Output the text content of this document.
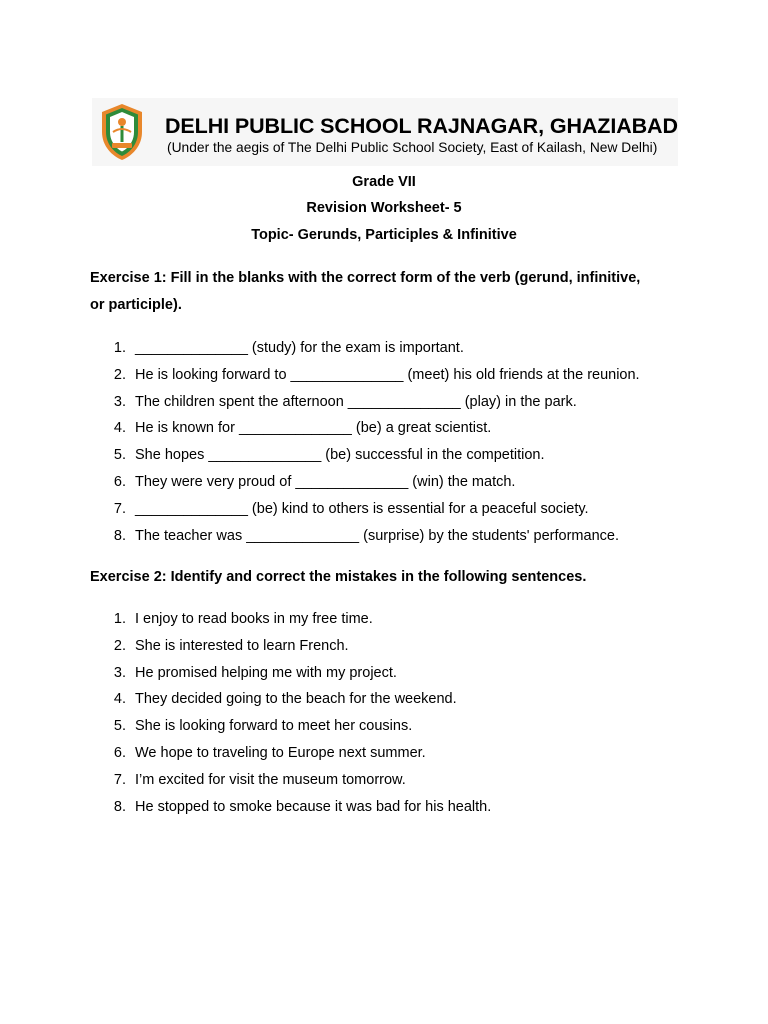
DELHI PUBLIC SCHOOL RAJNAGAR, GHAZIABAD
(Under the aegis of The Delhi Public School Society, East of Kailash, New Delhi)
Grade VII
Revision Worksheet- 5
Topic- Gerunds, Participles & Infinitive
Exercise 1: Fill in the blanks with the correct form of the verb (gerund, infinitive,
or participle).
1. ______________ (study) for the exam is important.
2. He is looking forward to ______________ (meet) his old friends at the reunion.
3. The children spent the afternoon ______________ (play) in the park.
4. He is known for ______________ (be) a great scientist.
5. She hopes ______________ (be) successful in the competition.
6. They were very proud of ______________ (win) the match.
7. ______________ (be) kind to others is essential for a peaceful society.
8. The teacher was ______________ (surprise) by the students' performance.
Exercise 2: Identify and correct the mistakes in the following sentences.
1. I enjoy to read books in my free time.
2. She is interested to learn French.
3. He promised helping me with my project.
4. They decided going to the beach for the weekend.
5. She is looking forward to meet her cousins.
6. We hope to traveling to Europe next summer.
7. I’m excited for visit the museum tomorrow.
8. He stopped to smoke because it was bad for his health.
